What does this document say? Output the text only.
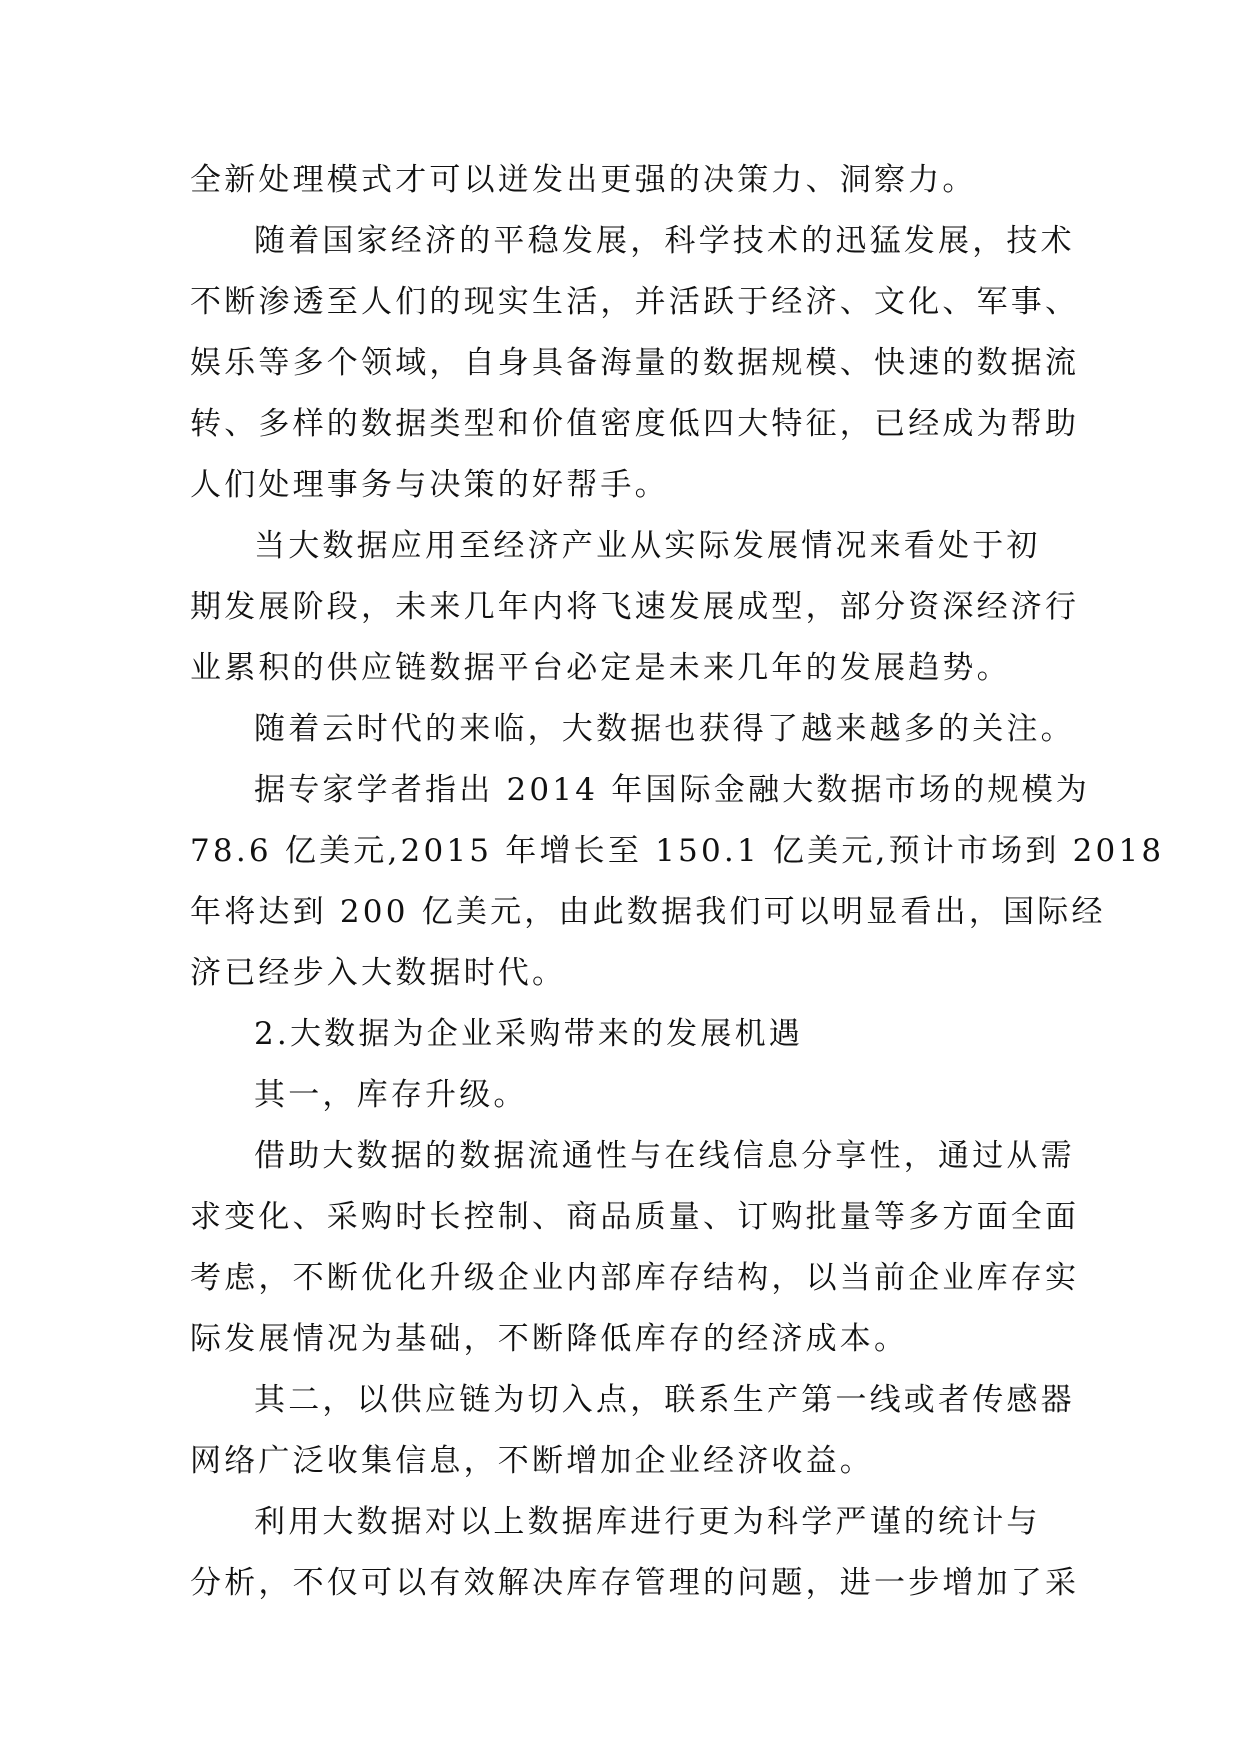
全新处理模式才可以迸发出更强的决策力、洞察力。
随着国家经济的平稳发展，科学技术的迅猛发展，技术
不断渗透至人们的现实生活，并活跃于经济、文化、军事、
娱乐等多个领域，自身具备海量的数据规模、快速的数据流
转、多样的数据类型和价值密度低四大特征，已经成为帮助
人们处理事务与决策的好帮手。
当大数据应用至经济产业从实际发展情况来看处于初
期发展阶段，未来几年内将飞速发展成型，部分资深经济行
业累积的供应链数据平台必定是未来几年的发展趋势。
随着云时代的来临，大数据也获得了越来越多的关注。
据专家学者指出 2014 年国际金融大数据市场的规模为
78.6 亿美元,2015 年增长至 150.1 亿美元,预计市场到 2018
年将达到 200 亿美元，由此数据我们可以明显看出，国际经
济已经步入大数据时代。
2.大数据为企业采购带来的发展机遇
其一，库存升级。
借助大数据的数据流通性与在线信息分享性，通过从需
求变化、采购时长控制、商品质量、订购批量等多方面全面
考虑，不断优化升级企业内部库存结构，以当前企业库存实
际发展情况为基础，不断降低库存的经济成本。
其二，以供应链为切入点，联系生产第一线或者传感器
网络广泛收集信息，不断增加企业经济收益。
利用大数据对以上数据库进行更为科学严谨的统计与
分析，不仅可以有效解决库存管理的问题，进一步增加了采
